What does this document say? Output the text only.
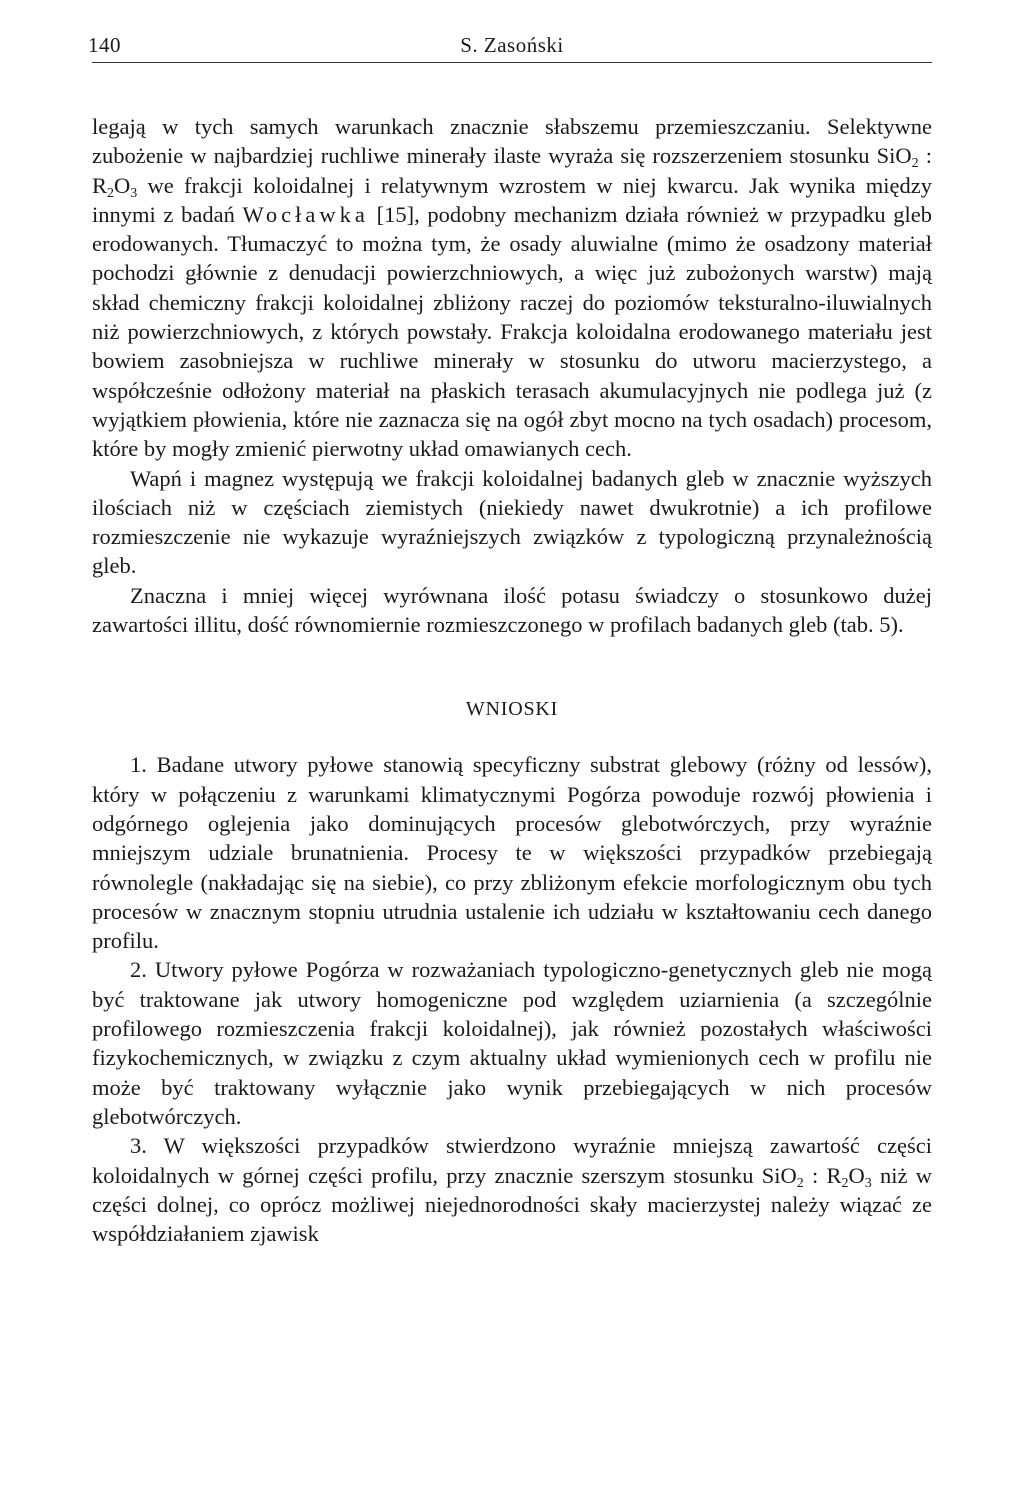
140	S. Zasoński

legają w tych samych warunkach znacznie słabszemu przemieszczaniu. Selektywne zubożenie w najbardziej ruchliwe minerały ilaste wyraża się rozszerzeniem stosunku SiO$_2$ : $R_2O_3$ we frakcji koloidalnej i relatywnym wzrostem w niej kwarcu. Jak wynika między innymi z badań Wocławka [15], podobny mechanizm działa również w przypadku gleb erodowanych. Tłumaczyć to można tym, że osady aluwialne (mimo że osadzony materiał pochodzi głównie z denudacji powierzchniowych, a więc już zubożonych warstw) mają skład chemiczny frakcji koloidalnej zbliżony raczej do poziomów teksturalno-iluwialnych niż powierzchniowych, z których powstały. Frakcja koloidalna erodowanego materiału jest bowiem zasobniejsza w ruchliwe minerały w stosunku do utworu macierzystego, a współcześnie odłożony materiał na płaskich terasach akumulacyjnych nie podlega już (z wyjątkiem płowienia, które nie zaznacza się na ogół zbyt mocno na tych osadach) procesom, które by mogły zmienić pierwotny układ omawianych cech.

Wapń i magnez występują we frakcji koloidalnej badanych gleb w znacznie wyższych ilościach niż w częściach ziemistych (niekiedy nawet dwukrotnie) a ich profilowe rozmieszczenie nie wykazuje wyraźniejszych związków z typologiczną przynależnością gleb.

Znaczna i mniej więcej wyrównana ilość potasu świadczy o stosunkowo dużej zawartości illitu, dość równomiernie rozmieszczonego w profilach badanych gleb (tab. 5).

WNIOSKI

1. Badane utwory pyłowe stanowią specyficzny substrat glebowy (różny od lessów), który w połączeniu z warunkami klimatycznymi Pogórza powoduje rozwój płowienia i odgórnego oglejenia jako dominujących procesów glebotwórczych, przy wyraźnie mniejszym udziale brunatnienia. Procesy te w większości przypadków przebiegają równolegle (nakładając się na siebie), co przy zbliżonym efekcie morfologicznym obu tych procesów w znacznym stopniu utrudnia ustalenie ich udziału w kształtowaniu cech danego profilu.

2. Utwory pyłowe Pogórza w rozważaniach typologiczno-genetycznych gleb nie mogą być traktowane jak utwory homogeniczne pod względem uziarnienia (a szczególnie profilowego rozmieszczenia frakcji koloidalnej), jak również pozostałych właściwości fizykochemicznych, w związku z czym aktualny układ wymienionych cech w profilu nie może być traktowany wyłącznie jako wynik przebiegających w nich procesów glebotwórczych.

3. W większości przypadków stwierdzono wyraźnie mniejszą zawartość części koloidalnych w górnej części profilu, przy znacznie szerszym stosunku SiO$_2$ : $R_2O_3$ niż w części dolnej, co oprócz możliwej niejednorodności skały macierzystej należy wiązać ze współdziałaniem zjawisk
